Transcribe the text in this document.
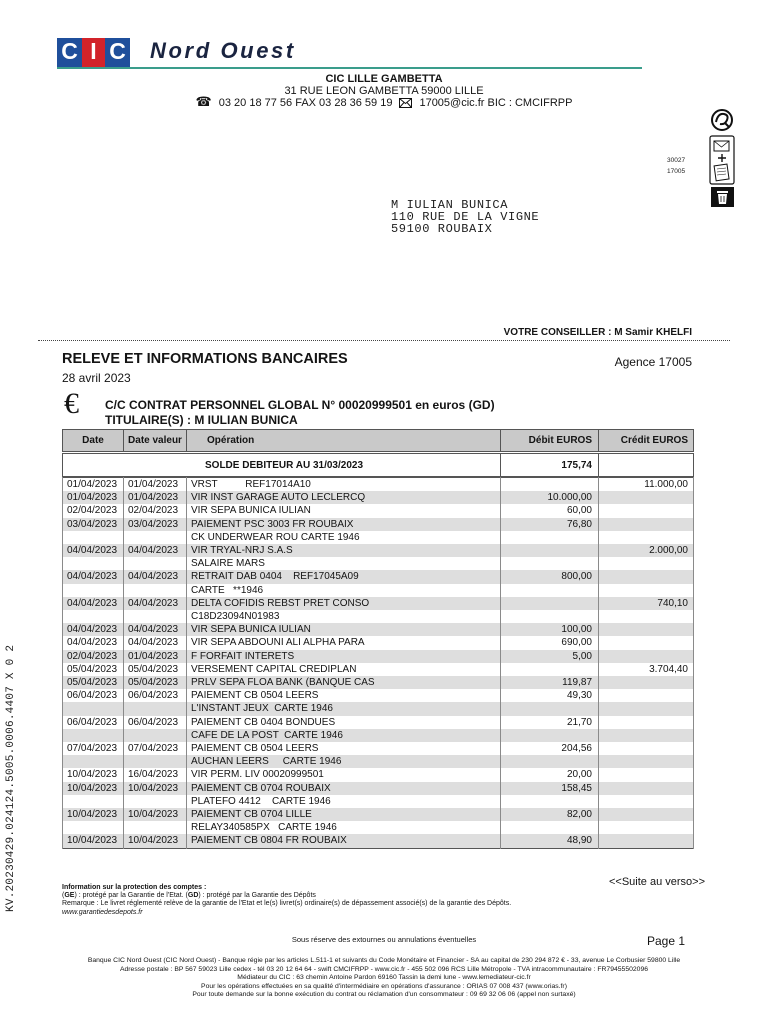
C I C Nord Ouest
CIC LILLE GAMBETTA
31 RUE LEON GAMBETTA 59000 LILLE
☎
03 20 18 77 56 FAX 03 28 36 59 19 17005@cic.fr BIC : CMCIFRPP
30027
17005
M IULIAN BUNICA
110 RUE DE LA VIGNE
59100 ROUBAIX
VOTRE CONSEILLER : M Samir KHELFI
RELEVE ET INFORMATIONS BANCAIRES
28 avril 2023
Agence 17005
€ C/C CONTRAT PERSONNEL GLOBAL N° 00020999501 en euros (GD)
TITULAIRE(S) : M IULIAN BUNICA
Date	Date valeur	Opération	Débit EUROS	Crédit EUROS
SOLDE DEBITEUR AU 31/03/2023	175,74	
01/04/2023	01/04/2023	VRST          REF17014A10		11.000,00
01/04/2023	01/04/2023	VIR INST GARAGE AUTO LECLERCQ	10.000,00	
02/04/2023	02/04/2023	VIR SEPA BUNICA IULIAN	60,00	
03/04/2023	03/04/2023	PAIEMENT PSC 3003 FR ROUBAIX	76,80	
		CK UNDERWEAR ROU CARTE 1946		
04/04/2023	04/04/2023	VIR TRYAL-NRJ S.A.S		2.000,00
		SALAIRE MARS		
04/04/2023	04/04/2023	RETRAIT DAB 0404    REF17045A09	800,00	
		CARTE   **1946		
04/04/2023	04/04/2023	DELTA COFIDIS REBST PRET CONSO		740,10
		C18D23094N01983		
04/04/2023	04/04/2023	VIR SEPA BUNICA IULIAN	100,00	
04/04/2023	04/04/2023	VIR SEPA ABDOUNI ALI ALPHA PARA	690,00	
02/04/2023	01/04/2023	F FORFAIT INTERETS	5,00	
05/04/2023	05/04/2023	VERSEMENT CAPITAL CREDIPLAN		3.704,40
05/04/2023	05/04/2023	PRLV SEPA FLOA BANK (BANQUE CAS	119,87	
06/04/2023	06/04/2023	PAIEMENT CB 0504 LEERS	49,30	
		L'INSTANT JEUX  CARTE 1946		
06/04/2023	06/04/2023	PAIEMENT CB 0404 BONDUES	21,70	
		CAFE DE LA POST  CARTE 1946		
07/04/2023	07/04/2023	PAIEMENT CB 0504 LEERS	204,56	
		AUCHAN LEERS     CARTE 1946		
10/04/2023	16/04/2023	VIR PERM. LIV 00020999501	20,00	
10/04/2023	10/04/2023	PAIEMENT CB 0704 ROUBAIX	158,45	
		PLATEFO 4412    CARTE 1946		
10/04/2023	10/04/2023	PAIEMENT CB 0704 LILLE	82,00	
		RELAY340585PX   CARTE 1946		
10/04/2023	10/04/2023	PAIEMENT CB 0804 FR ROUBAIX	48,90	
<<Suite au verso>>
Information sur la protection des comptes :
(GE) : protégé par la Garantie de l'Etat. (GD) : protégé par la Garantie des Dépôts
Remarque : Le livret réglementé relève de la garantie de l'Etat et le(s) livret(s) ordinaire(s) de dépassement associé(s) de la garantie des Dépôts.
www.garantiedesdepots.fr
KV.20230429.024124.5005.0006.4407 X 0 2
Sous réserve des extournes ou annulations éventuelles	Page 1
Banque CIC Nord Ouest (CIC Nord Ouest) - Banque régie par les articles L.511-1 et suivants du Code Monétaire et Financier - SA au capital de 230 294 872 € - 33, avenue Le Corbusier 59800 Lille
Adresse postale : BP 567 59023 Lille cedex - tél 03 20 12 64 64 - swift CMCIFRPP - www.cic.fr - 455 502 096 RCS Lille Métropole - TVA intracommunautaire : FR79455502096
Médiateur du CIC : 63 chemin Antoine Pardon 69160 Tassin la demi lune - www.lemediateur-cic.fr
Pour les opérations effectuées en sa qualité d'intermédiaire en opérations d'assurance : ORIAS 07 008 437 (www.orias.fr)
Pour toute demande sur la bonne exécution du contrat ou réclamation d'un consommateur : 09 69 32 06 06 (appel non surtaxé)
